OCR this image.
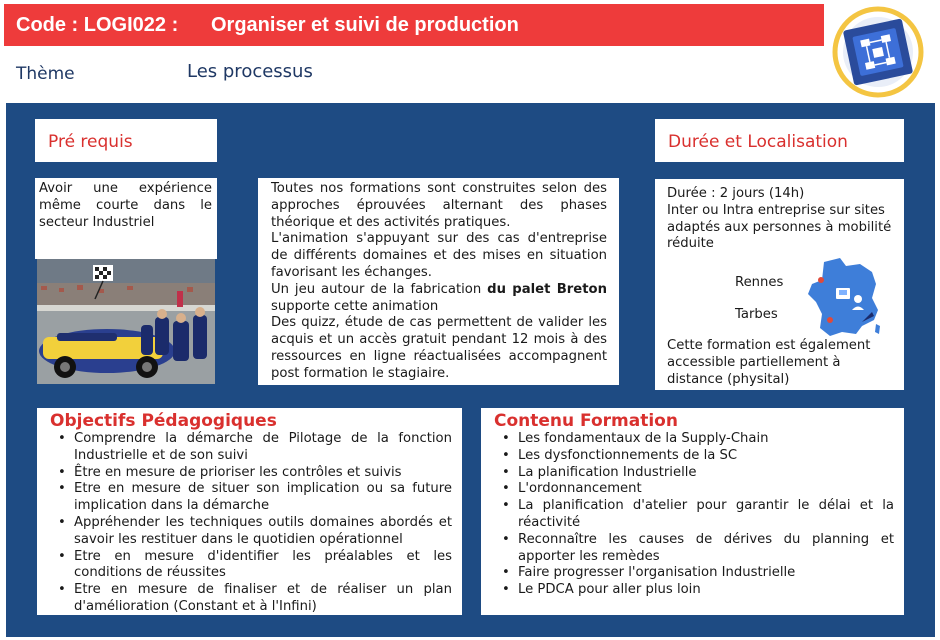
Code : LOGI022 : Organiser et suivi de production
Thème	Les processus
Pré requis
Avoir une expérience même courte dans le secteur Industriel
Toutes nos formations sont construites selon des approches éprouvées alternant des phases théorique et des activités pratiques.
L'animation s'appuyant sur des cas d'entreprise de différents domaines et des mises en situation favorisant les échanges.
Un jeu autour de la fabrication du palet Breton supporte cette animation
Des quizz, étude de cas permettent de valider les acquis et un accès gratuit pendant 12 mois à des ressources en ligne réactualisées accompagnent post formation le stagiaire.
Durée et Localisation
Durée : 2 jours (14h)
Inter ou Intra entreprise sur sites adaptés aux personnes à mobilité réduite
Rennes
Tarbes
Cette formation est également accessible partiellement à distance (physital)
Objectifs Pédagogiques
• Comprendre la démarche de Pilotage de la fonction Industrielle et de son suivi
• Être en mesure de prioriser les contrôles et suivis
• Etre en mesure de situer son implication ou sa future implication dans la démarche
• Appréhender les techniques outils domaines abordés et savoir les restituer dans le quotidien opérationnel
• Etre en mesure d'identifier les préalables et les conditions de réussites
• Etre en mesure de finaliser et de réaliser un plan d'amélioration (Constant et à l'Infini)
Contenu Formation
• Les fondamentaux de la Supply-Chain
• Les dysfonctionnements de la SC
• La planification Industrielle
• L'ordonnancement
• La planification d'atelier pour garantir le délai et la réactivité
• Reconnaître les causes de dérives du planning et apporter les remèdes
• Faire progresser l'organisation Industrielle
• Le PDCA pour aller plus loin
